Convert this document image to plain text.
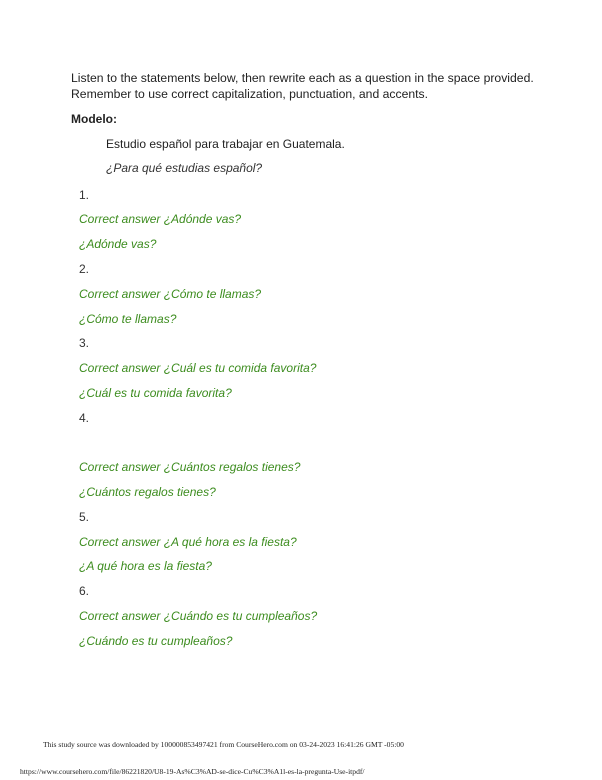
Listen to the statements below, then rewrite each as a question in the space provided. Remember to use correct capitalization, punctuation, and accents.
Modelo:
Estudio español para trabajar en Guatemala.
¿Para qué estudias español?
1.
Correct answer ¿Adónde vas?
¿Adónde vas?
2.
Correct answer ¿Cómo te llamas?
¿Cómo te llamas?
3.
Correct answer ¿Cuál es tu comida favorita?
¿Cuál es tu comida favorita?
4.
Correct answer ¿Cuántos regalos tienes?
¿Cuántos regalos tienes?
5.
Correct answer ¿A qué hora es la fiesta?
¿A qué hora es la fiesta?
6.
Correct answer ¿Cuándo es tu cumpleaños?
¿Cuándo es tu cumpleaños?
This study source was downloaded by 100000853497421 from CourseHero.com on 03-24-2023 16:41:26 GMT -05:00
https://www.coursehero.com/file/86221820/U8-19-As%C3%AD-se-dice-Cu%C3%A1l-es-la-pregunta-Use-itpdf/
